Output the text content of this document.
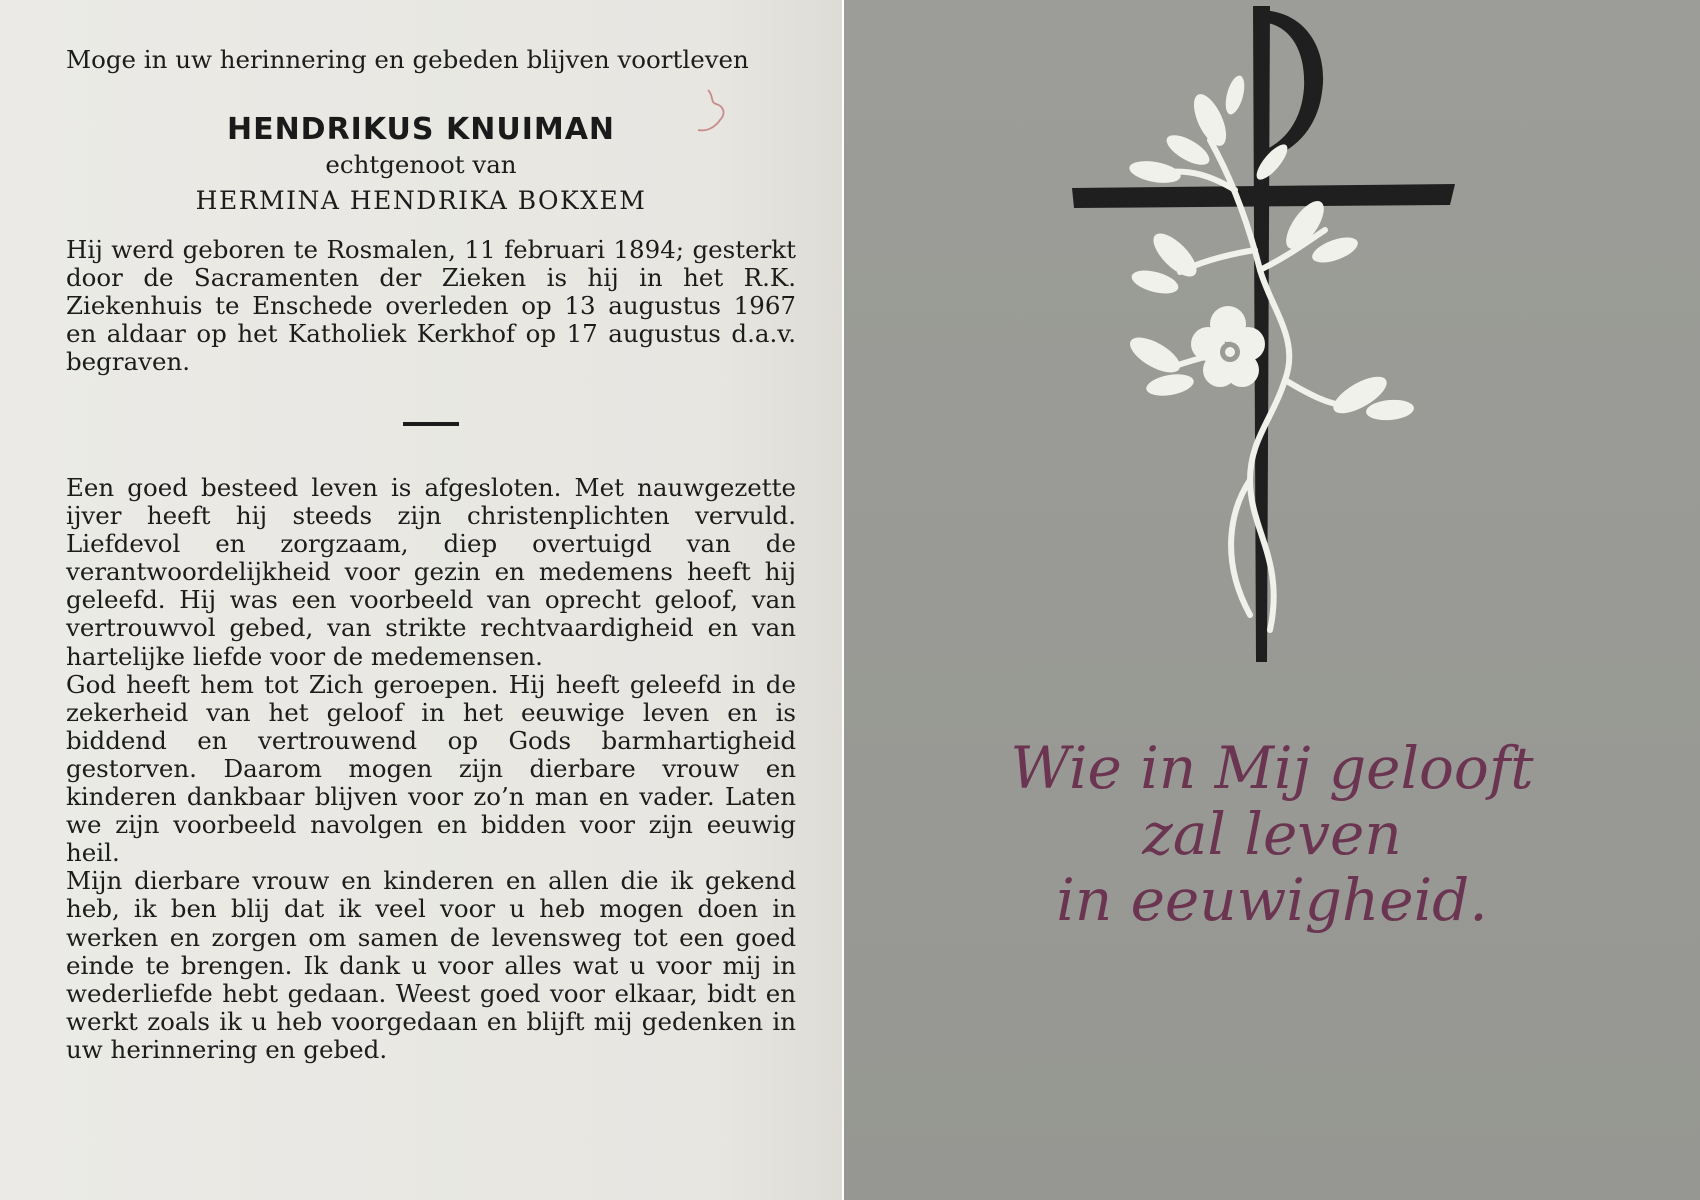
Moge in uw herinnering en gebeden blijven voortleven
HENDRIKUS KNUIMAN
echtgenoot van
HERMINA HENDRIKA BOKXEM
Hij werd geboren te Rosmalen, 11 februari 1894; gesterkt door de Sacramenten der Zieken is hij in het R.K. Ziekenhuis te Enschede overleden op 13 augustus 1967 en aldaar op het Katholiek Kerkhof op 17 augustus d.a.v. begraven.

Een goed besteed leven is afgesloten. Met nauwgezette ijver heeft hij steeds zijn christenplichten vervuld. Liefdevol en zorgzaam, diep overtuigd van de verantwoordelijkheid voor gezin en medemens heeft hij geleefd. Hij was een voorbeeld van oprecht geloof, van vertrouwvol gebed, van strikte rechtvaardigheid en van hartelijke liefde voor de medemensen.

God heeft hem tot Zich geroepen. Hij heeft geleefd in de zekerheid van het geloof in het eeuwige leven en is biddend en vertrouwend op Gods barmhartigheid gestorven. Daarom mogen zijn dierbare vrouw en kinderen dankbaar blijven voor zo’n man en vader. Laten we zijn voorbeeld navolgen en bidden voor zijn eeuwig heil.

Mijn dierbare vrouw en kinderen en allen die ik gekend heb, ik ben blij dat ik veel voor u heb mogen doen in werken en zorgen om samen de levensweg tot een goed einde te brengen. Ik dank u voor alles wat u voor mij in wederliefde hebt gedaan. Weest goed voor elkaar, bidt en werkt zoals ik u heb voorgedaan en blijft mij gedenken in uw herinnering en gebed.

Wie in Mij gelooft
zal leven
in eeuwigheid.
